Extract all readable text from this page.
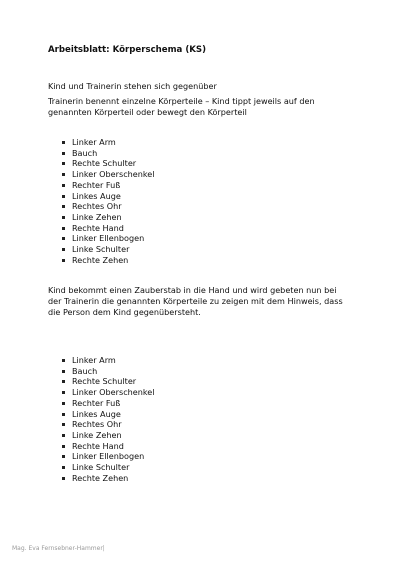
Arbeitsblatt: Körperschema (KS)
Kind und Trainerin stehen sich gegenüber
Trainerin benennt einzelne Körperteile – Kind tippt jeweils auf den genannten Körperteil oder bewegt den Körperteil
Linker Arm
Bauch
Rechte Schulter
Linker Oberschenkel
Rechter Fuß
Linkes Auge
Rechtes Ohr
Linke Zehen
Rechte Hand
Linker Ellenbogen
Linke Schulter
Rechte Zehen
Kind bekommt einen Zauberstab in die Hand und wird gebeten nun bei der Trainerin die genannten Körperteile zu zeigen mit dem Hinweis, dass die Person dem Kind gegenübersteht.
Linker Arm
Bauch
Rechte Schulter
Linker Oberschenkel
Rechter Fuß
Linkes Auge
Rechtes Ohr
Linke Zehen
Rechte Hand
Linker Ellenbogen
Linke Schulter
Rechte Zehen
Mag. Eva Fernsebner-Hammer|
